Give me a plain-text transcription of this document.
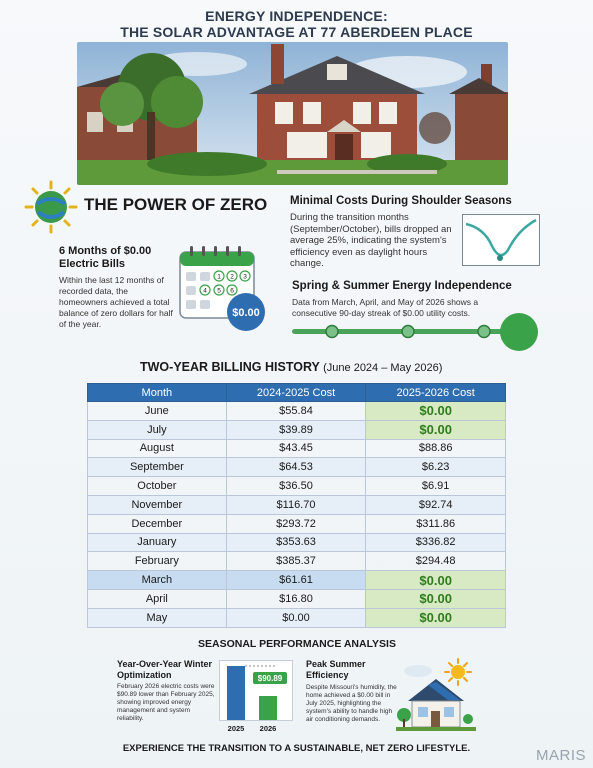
ENERGY INDEPENDENCE:
THE SOLAR ADVANTAGE AT 77 ABERDEEN PLACE
THE POWER OF ZERO
6 Months of $0.00 Electric Bills
Within the last 12 months of recorded data, the homeowners achieved a total balance of zero dollars for half of the year.
1 2 3
4 5 6
$0.00
Minimal Costs During Shoulder Seasons
During the transition months (September/October), bills dropped an average 25%, indicating the system's efficiency even as daylight hours change.
Spring & Summer Energy Independence
Data from March, April, and May of 2026 shows a consecutive 90-day streak of $0.00 utility costs.
TWO-YEAR BILLING HISTORY (June 2024 – May 2026)
Month	2024-2025 Cost	2025-2026 Cost
June	$55.84	$0.00
July	$39.89	$0.00
August	$43.45	$88.86
September	$64.53	$6.23
October	$36.50	$6.91
November	$116.70	$92.74
December	$293.72	$311.86
January	$353.63	$336.82
February	$385.37	$294.48
March	$61.61	$0.00
April	$16.80	$0.00
May	$0.00	$0.00
SEASONAL PERFORMANCE ANALYSIS
Year-Over-Year Winter Optimization
February 2026 electric costs were $90.89 lower than February 2025, showing improved energy management and system reliability.
$90.89
2025 2026
Peak Summer Efficiency
Despite Missouri's humidity, the home achieved a $0.00 bill in July 2025, highlighting the system's ability to handle high air conditioning demands.
EXPERIENCE THE TRANSITION TO A SUSTAINABLE, NET ZERO LIFESTYLE.	MARIS
